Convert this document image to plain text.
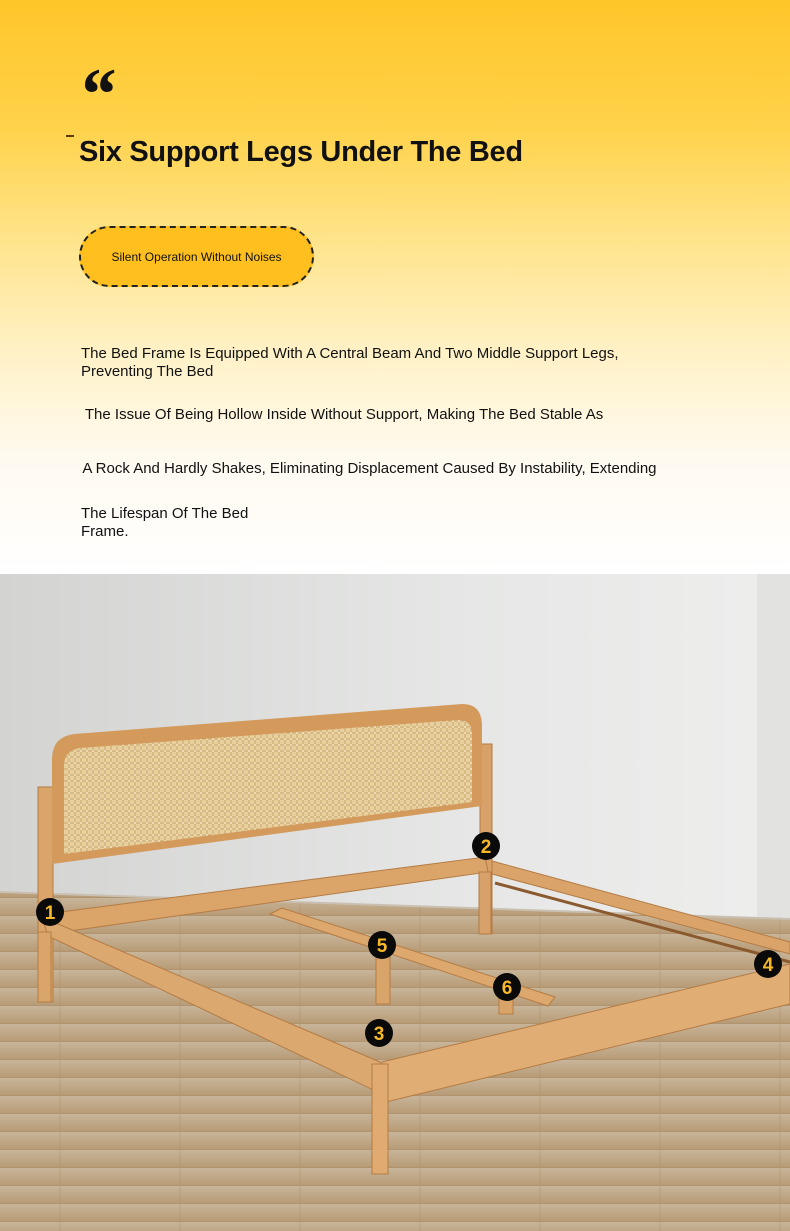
“
Six Support Legs Under The Bed
Silent Operation Without Noises
The Bed Frame Is Equipped With A Central Beam And Two Middle Support Legs,
Preventing The Bed
The Issue Of Being Hollow Inside Without Support, Making The Bed Stable As
A Rock And Hardly Shakes, Eliminating Displacement Caused By Instability, Extending
The Lifespan Of The Bed
Frame.
1
2
3
4
5
6
